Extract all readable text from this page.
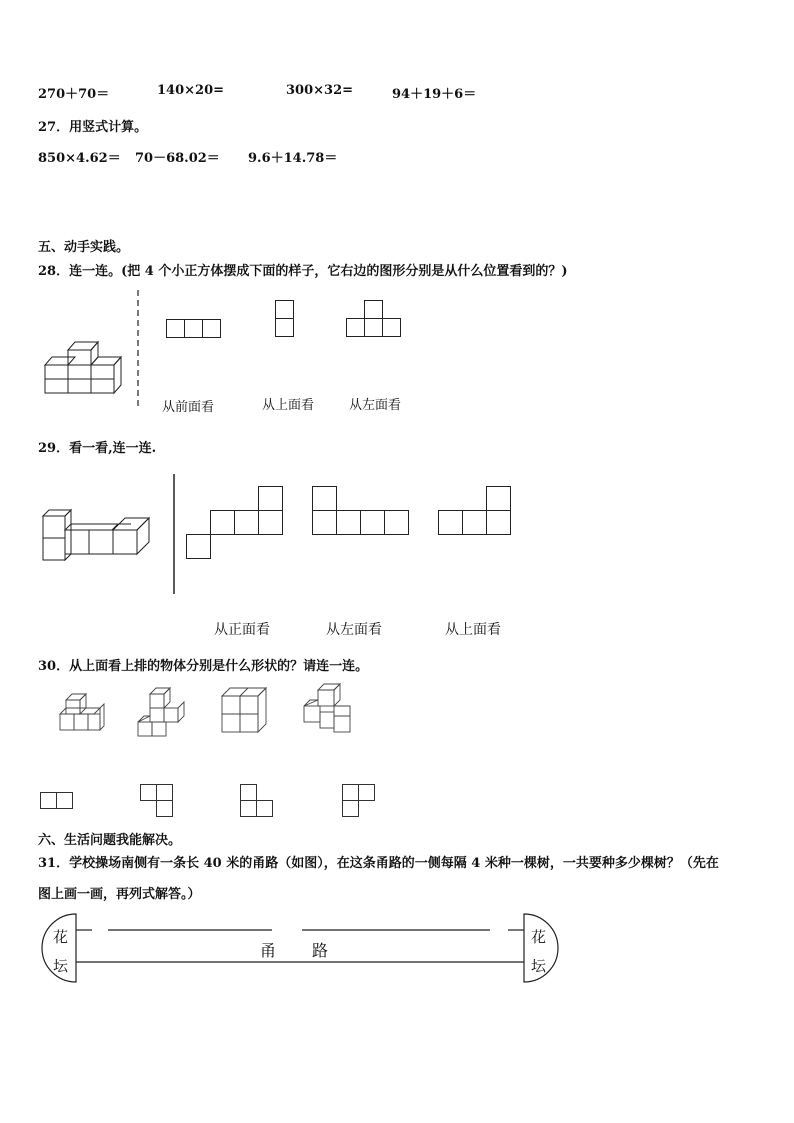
270＋70＝	140×20=	300×32=	94＋19＋6＝
27．用竖式计算。
850×4.62＝ 70－68.02＝ 9.6＋14.78＝
五、动手实践。
28．连一连。(把 4 个小正方体摆成下面的样子，它右边的图形分别是从什么位置看到的？)
从前面看	从上面看	从左面看
29．看一看,连一连.
从正面看	从左面看	从上面看
30．从上面看上排的物体分别是什么形状的？请连一连。
六、生活问题我能解决。
31．学校操场南侧有一条长 40 米的甬路（如图），在这条甬路的一侧每隔 4 米种一棵树，一共要种多少棵树？（先在
图上画一画，再列式解答。）
花
坛
花
坛
甬 路
